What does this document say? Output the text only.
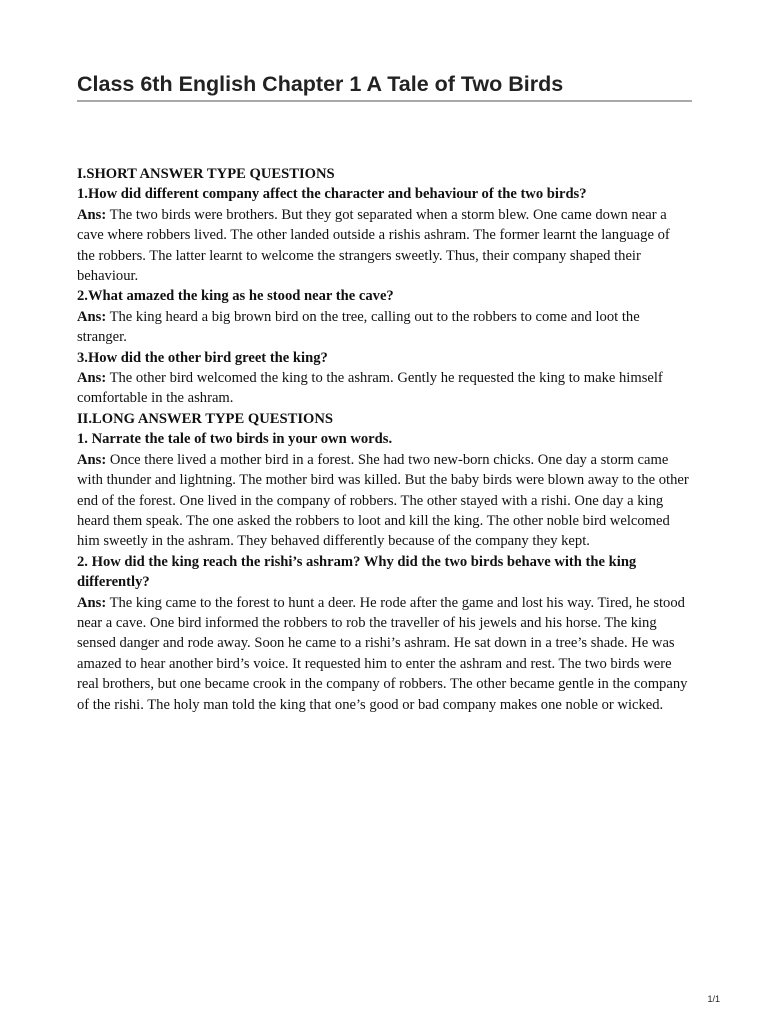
Class 6th English Chapter 1 A Tale of Two Birds

I.SHORT ANSWER TYPE QUESTIONS

1.How did different company affect the character and behaviour of the two birds?

Ans: The two birds were brothers. But they got separated when a storm blew. One came down near a cave where robbers lived. The other landed outside a rishis ashram. The former learnt the language of the robbers. The latter learnt to welcome the strangers sweetly. Thus, their company shaped their behaviour.

2.What amazed the king as he stood near the cave?

Ans: The king heard a big brown bird on the tree, calling out to the robbers to come and loot the stranger.

3.How did the other bird greet the king?

Ans: The other bird welcomed the king to the ashram. Gently he requested the king to make himself comfortable in the ashram.

II.LONG ANSWER TYPE QUESTIONS

1. Narrate the tale of two birds in your own words.

Ans: Once there lived a mother bird in a forest. She had two new-born chicks. One day a storm came with thunder and lightning. The mother bird was killed. But the baby birds were blown away to the other end of the forest. One lived in the company of robbers. The other stayed with a rishi. One day a king heard them speak. The one asked the robbers to loot and kill the king. The other noble bird welcomed him sweetly in the ashram. They behaved differently because of the company they kept.

2. How did the king reach the rishi’s ashram? Why did the two birds behave with the king differently?

Ans: The king came to the forest to hunt a deer. He rode after the game and lost his way. Tired, he stood near a cave. One bird informed the robbers to rob the traveller of his jewels and his horse. The king sensed danger and rode away. Soon he came to a rishi’s ashram. He sat down in a tree’s shade. He was amazed to hear another bird’s voice. It requested him to enter the ashram and rest. The two birds were real brothers, but one became crook in the company of robbers. The other became gentle in the company of the rishi. The holy man told the king that one’s good or bad company makes one noble or wicked.

1/1
